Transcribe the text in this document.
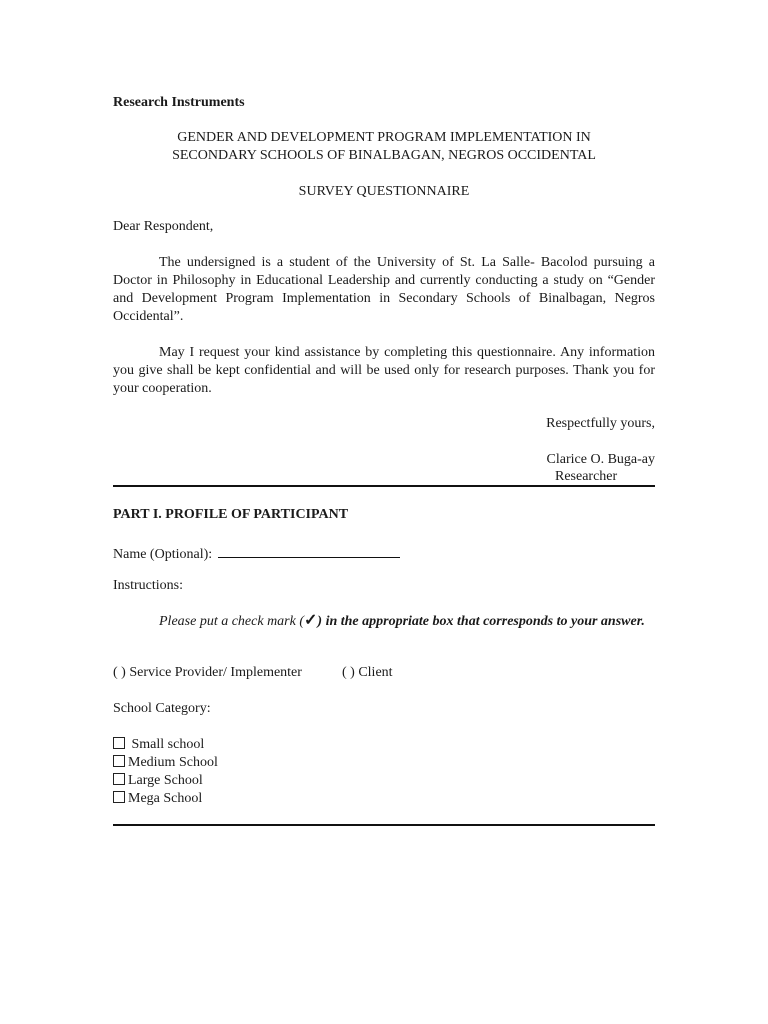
Research Instruments
GENDER AND DEVELOPMENT PROGRAM IMPLEMENTATION IN
SECONDARY SCHOOLS OF BINALBAGAN, NEGROS OCCIDENTAL
SURVEY QUESTIONNAIRE
Dear Respondent,
The undersigned is a student of the University of St. La Salle- Bacolod pursuing a Doctor in Philosophy in Educational Leadership and currently conducting a study on “Gender and Development Program Implementation in Secondary Schools of Binalbagan, Negros Occidental”.
May I request your kind assistance by completing this questionnaire. Any information you give shall be kept confidential and will be used only for research purposes. Thank you for your cooperation.
Respectfully yours,
Clarice O. Buga-ay
Researcher
PART I. PROFILE OF PARTICIPANT
Name (Optional):
Instructions:
Please put a check mark (✓) in the appropriate box that corresponds to your answer.
( ) Service Provider/ Implementer	( ) Client
School Category:
Small school
Medium School
Large School
Mega School
